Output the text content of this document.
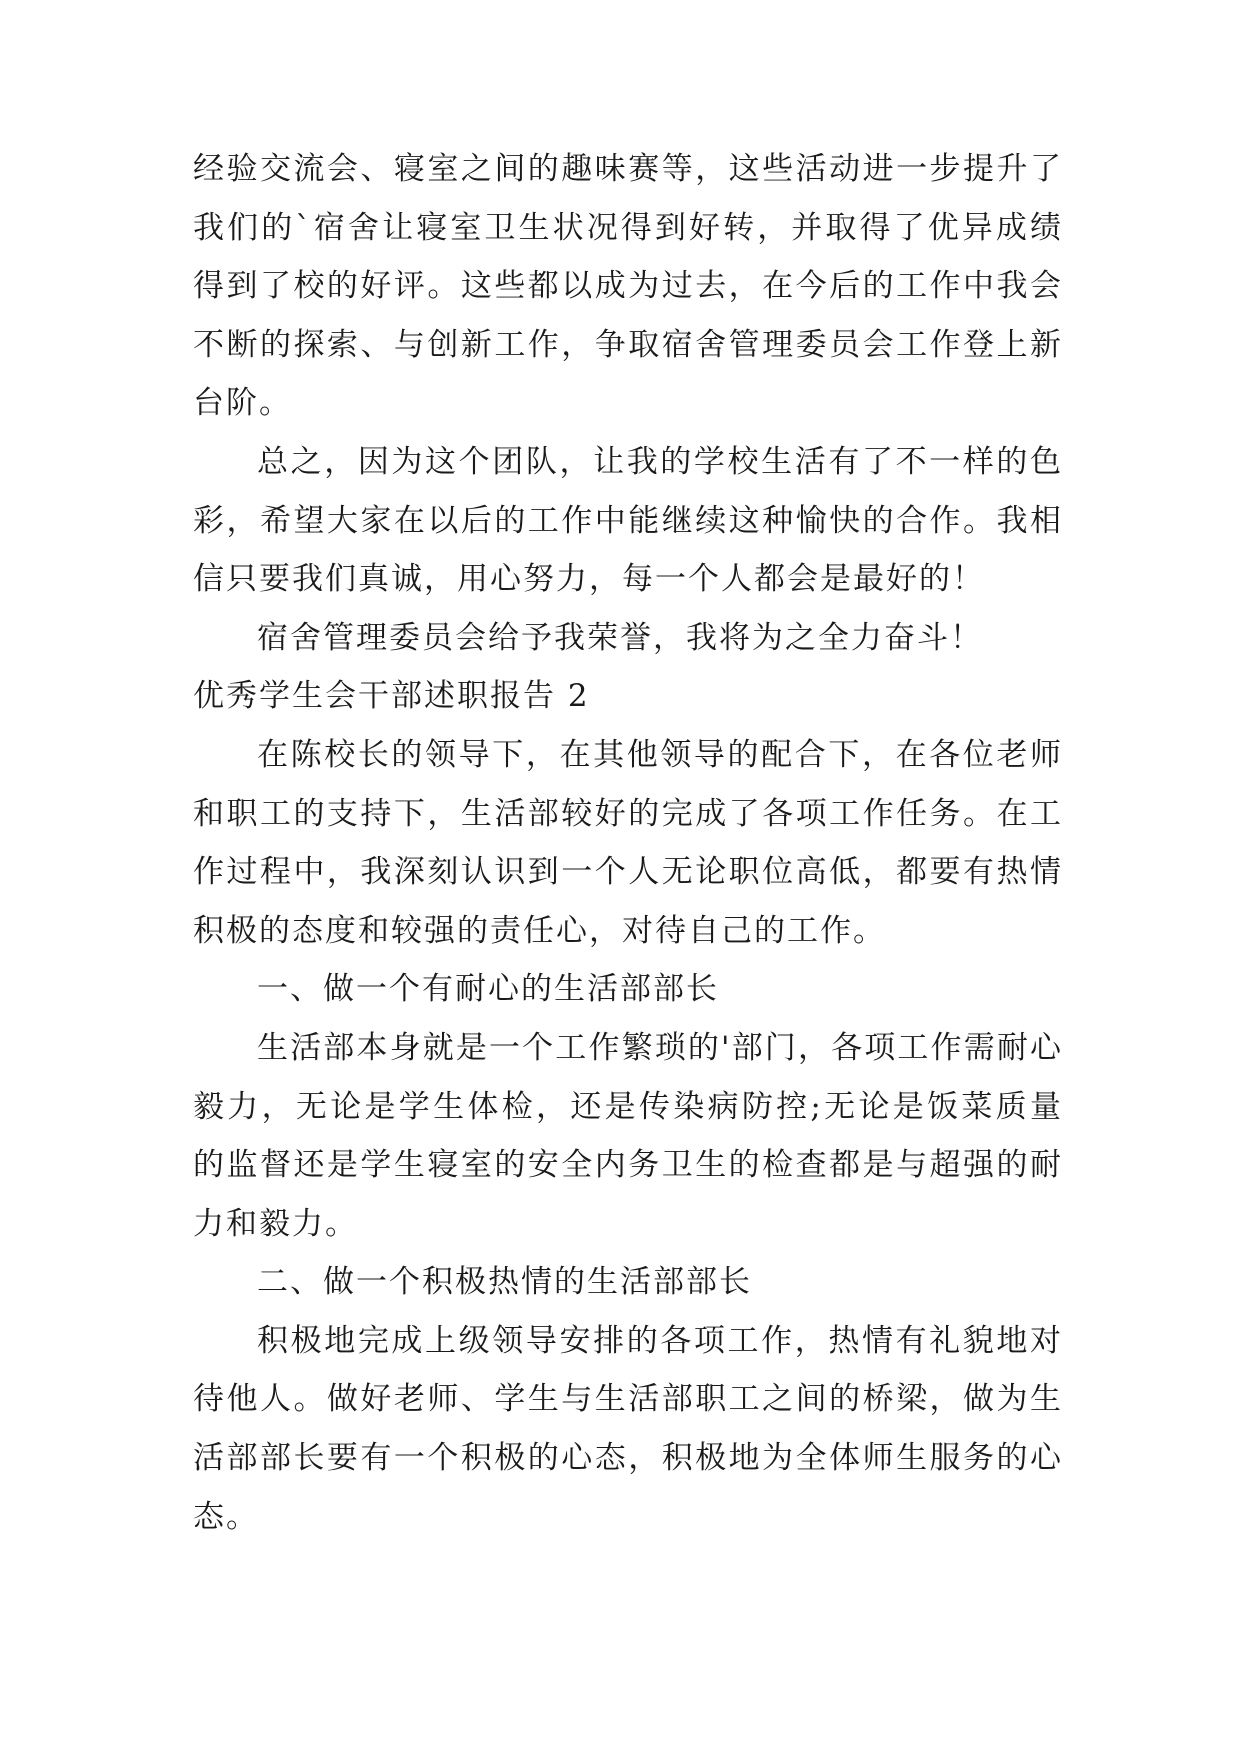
经验交流会、寝室之间的趣味赛等，这些活动进一步提升了我们的`宿舍让寝室卫生状况得到好转，并取得了优异成绩得到了校的好评。这些都以成为过去，在今后的工作中我会不断的探索、与创新工作，争取宿舍管理委员会工作登上新台阶。

总之，因为这个团队，让我的学校生活有了不一样的色彩，希望大家在以后的工作中能继续这种愉快的合作。我相信只要我们真诚，用心努力，每一个人都会是最好的！

宿舍管理委员会给予我荣誉，我将为之全力奋斗！

优秀学生会干部述职报告 2

在陈校长的领导下，在其他领导的配合下，在各位老师和职工的支持下，生活部较好的完成了各项工作任务。在工作过程中，我深刻认识到一个人无论职位高低，都要有热情积极的态度和较强的责任心，对待自己的工作。

一、做一个有耐心的生活部部长

生活部本身就是一个工作繁琐的'部门，各项工作需耐心毅力，无论是学生体检，还是传染病防控;无论是饭菜质量的监督还是学生寝室的安全内务卫生的检查都是与超强的耐力和毅力。

二、做一个积极热情的生活部部长

积极地完成上级领导安排的各项工作，热情有礼貌地对待他人。做好老师、学生与生活部职工之间的桥梁，做为生活部部长要有一个积极的心态，积极地为全体师生服务的心态。
